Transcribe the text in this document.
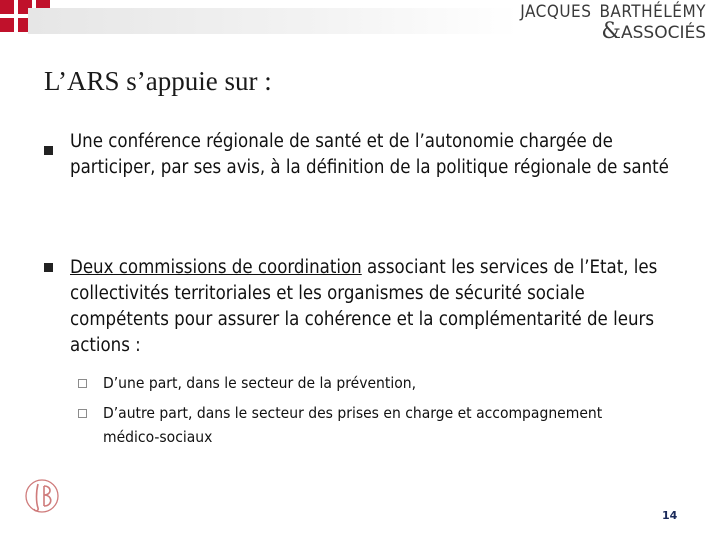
JACQUES BARTHÉLÉMY
&ASSOCIÉS
L’ARS s’appuie sur :
Une conférence régionale de santé et de l’autonomie chargée de participer, par ses avis, à la définition de la politique régionale de santé
Deux commissions de coordination associant les services de l’Etat, les collectivités territoriales et les organismes de sécurité sociale compétents pour assurer la cohérence et la complémentarité de leurs actions :
D’une part, dans le secteur de la prévention,
D’autre part, dans le secteur des prises en charge et accompagnement médico-sociaux
14
